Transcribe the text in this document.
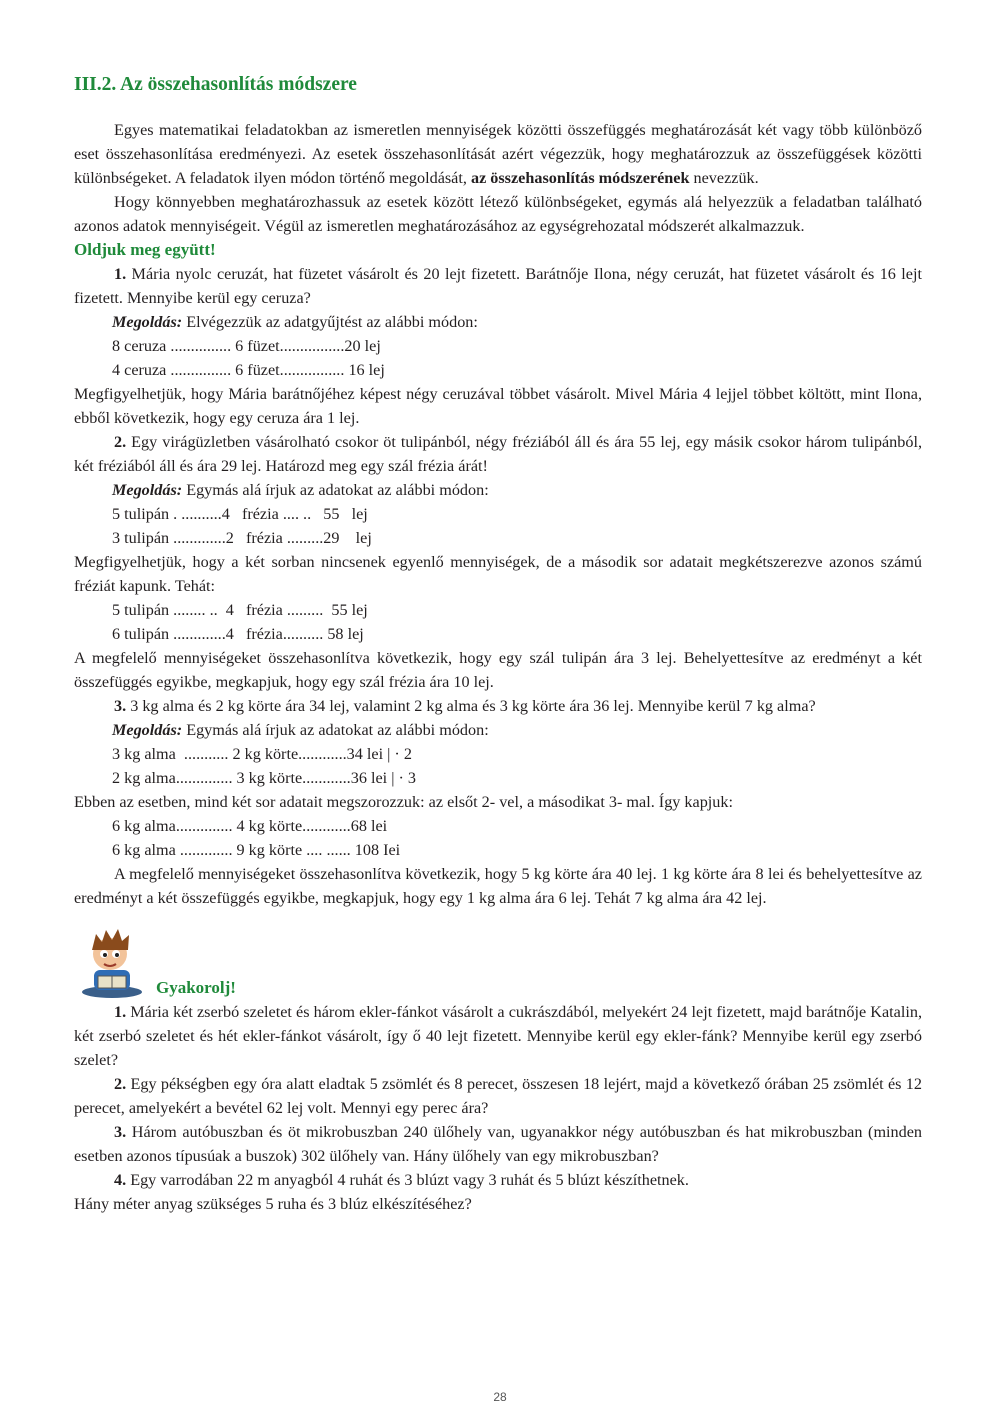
III.2. Az összehasonlítás módszere

Egyes matematikai feladatokban az ismeretlen mennyiségek közötti összefüggés meghatározását két vagy több különböző eset összehasonlítása eredményezi. Az esetek összehasonlítását azért végezzük, hogy meghatározzuk az összefüggések közötti különbségeket. A feladatok ilyen módon történő megoldását, az összehasonlítás módszerének nevezzük.

Hogy könnyebben meghatározhassuk az esetek között létező különbségeket, egymás alá helyezzük a feladatban található azonos adatok mennyiségeit. Végül az ismeretlen meghatározásához az egységrehozatal módszerét alkalmazzuk.

Oldjuk meg együtt!

1. Mária nyolc ceruzát, hat füzetet vásárolt és 20 lejt fizetett. Barátnője Ilona, négy ceruzát, hat füzetet vásárolt és 16 lejt fizetett. Mennyibe kerül egy ceruza?

Megoldás: Elvégezzük az adatgyűjtést az alábbi módon:

8 ceruza ............... 6 füzet................20 lej

4 ceruza ............... 6 füzet................ 16 lej

Megfigyelhetjük, hogy Mária barátnőjéhez képest négy ceruzával többet vásárolt. Mivel Mária 4 lejjel többet költött, mint Ilona, ebből következik, hogy egy ceruza ára 1 lej.

2. Egy virágüzletben vásárolható csokor öt tulipánból, négy fréziából áll és ára 55 lej, egy másik csokor három tulipánból, két fréziából áll és ára 29 lej. Határozd meg egy szál frézia árát!

Megoldás: Egymás alá írjuk az adatokat az alábbi módon:

5 tulipán . ..........4   frézia .... ..   55   lej

3 tulipán .............2   frézia .........29    lej

Megfigyelhetjük, hogy a két sorban nincsenek egyenlő mennyiségek, de a második sor adatait megkétszerezve azonos számú fréziát kapunk. Tehát:

5 tulipán ........ ..  4   frézia .........  55 lej

6 tulipán .............4   frézia.......... 58 lej

A megfelelő mennyiségeket összehasonlítva következik, hogy egy szál tulipán ára 3 lej. Behelyettesítve az eredményt a két összefüggés egyikbe, megkapjuk, hogy egy szál frézia ára 10 lej.

3. 3 kg alma és 2 kg körte ára 34 lej, valamint 2 kg alma és 3 kg körte ára 36 lej. Mennyibe kerül 7 kg alma?

Megoldás: Egymás alá írjuk az adatokat az alábbi módon:

3 kg alma  ........... 2 kg körte............34 lei | · 2

2 kg alma.............. 3 kg körte............36 lei | · 3

Ebben az esetben, mind két sor adatait megszorozzuk: az elsőt 2- vel, a másodikat 3- mal. Így kapjuk:

6 kg alma.............. 4 kg körte............68 lei

6 kg alma ............. 9 kg körte .... ...... 108 Iei

A megfelelő mennyiségeket összehasonlítva következik, hogy 5 kg körte ára 40 lej. 1 kg körte ára 8 lei és behelyettesítve az eredményt a két összefüggés egyikbe, megkapjuk, hogy egy 1 kg alma ára 6 lej. Tehát 7 kg alma ára 42 lej.

Gyakorolj!

1. Mária két zserbó szeletet és három ekler-fánkot vásárolt a cukrászdából, melyekért 24 lejt fizetett, majd barátnője Katalin, két zserbó szeletet és hét ekler-fánkot vásárolt, így ő 40 lejt fizetett. Mennyibe kerül egy ekler-fánk? Mennyibe kerül egy zserbó szelet?

2. Egy pékségben egy óra alatt eladtak 5 zsömlét és 8 perecet, összesen 18 lejért, majd a következő órában 25 zsömlét és 12 perecet, amelyekért a bevétel 62 lej volt. Mennyi egy perec ára?

3. Három autóbuszban és öt mikrobuszban 240 ülőhely van, ugyanakkor négy autóbuszban és hat mikrobuszban (minden esetben azonos típusúak a buszok) 302 ülőhely van. Hány ülőhely van egy mikrobuszban?

4. Egy varrodában 22 m anyagból 4 ruhát és 3 blúzt vagy 3 ruhát és 5 blúzt készíthetnek.

Hány méter anyag szükséges 5 ruha és 3 blúz elkészítéséhez?

28
